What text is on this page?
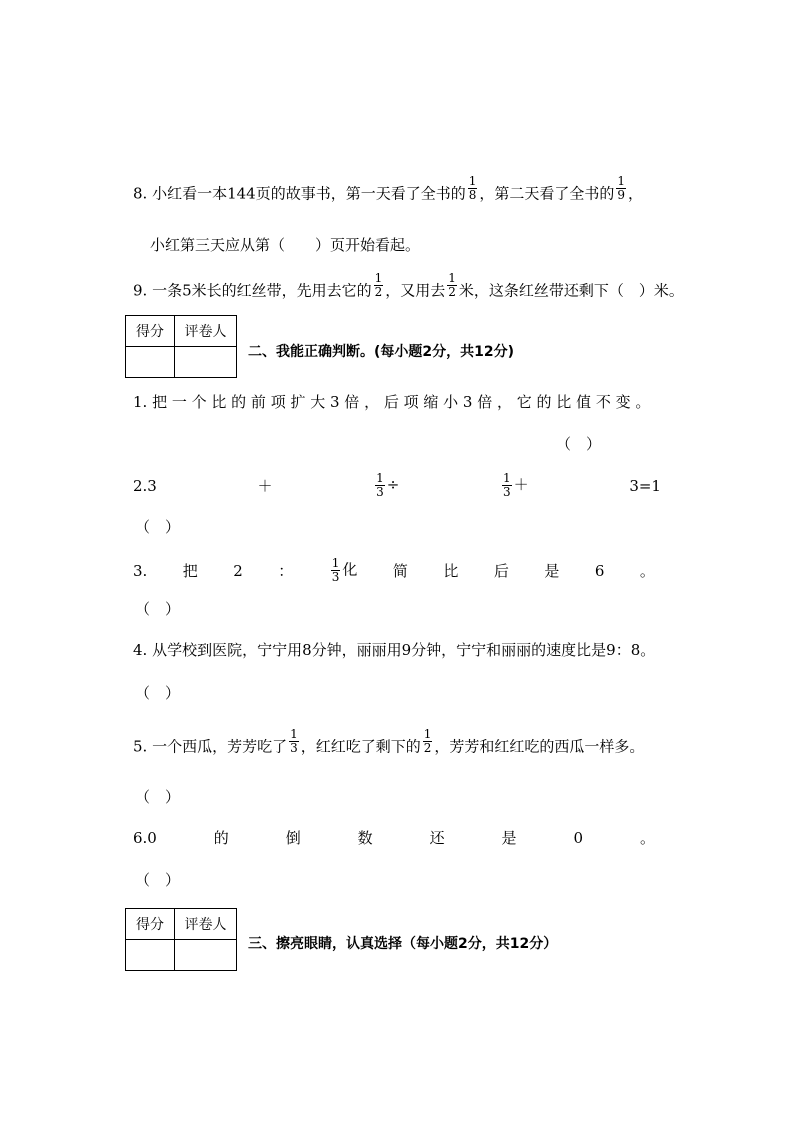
8. 小红看一本144页的故事书，第一天看了全书的 $\frac{1}{8}$ ，第二天看了全书的 $\frac{1}{9}$ ，
小红第三天应从第（　　）页开始看起。
9. 一条5米长的红丝带，先用去它的 $\frac{1}{2}$ ，又用去 $\frac{1}{2}$ 米，这条红丝带还剩下（　）米。
得分	评卷人

二、我能正确判断。(每小题2分，共12分)
1. 把 一 个 比 的 前 项 扩 大 3 倍 ， 后 项 缩 小 3 倍 ， 它 的 比 值 不 变 。
（　）
2.3	＋	$\frac{1}{3}$ ÷	$\frac{1}{3}$ ＋	3=1
（　）
3. 把 2 ：	$\frac{1}{3}$ 化 简 比 后 是 6 。
（　）
4. 从学校到医院，宁宁用8分钟，丽丽用9分钟，宁宁和丽丽的速度比是9：8。
（　）
5. 一个西瓜，芳芳吃了 $\frac{1}{3}$ ，红红吃了剩下的 $\frac{1}{2}$ ，芳芳和红红吃的西瓜一样多。
（　）
6.0	的	倒	数	还	是	0	。
（　）
得分	评卷人

三、擦亮眼睛，认真选择（每小题2分，共12分）
